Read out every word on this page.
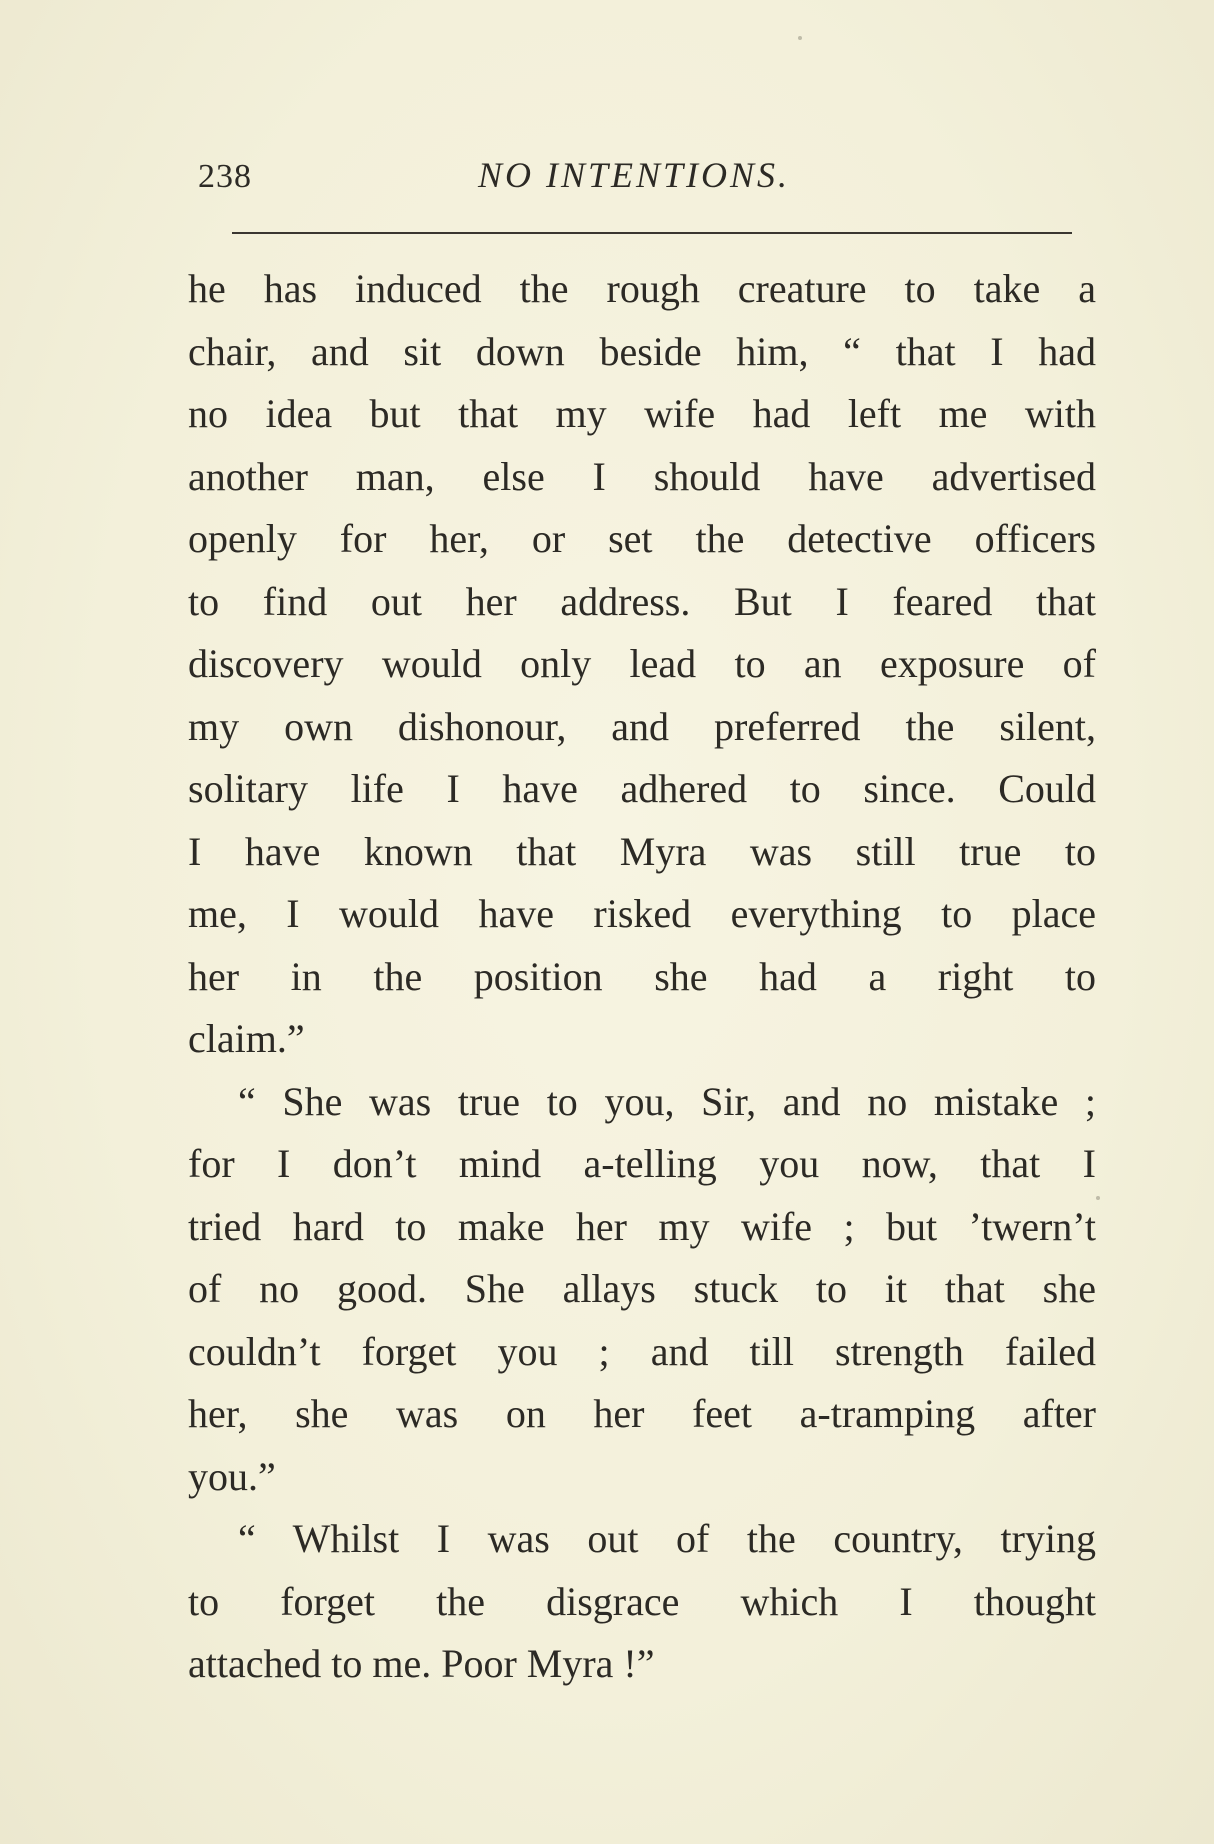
238	NO INTENTIONS.
he has induced the rough creature to take a
chair, and sit down beside him, “ that I had
no idea but that my wife had left me with
another man, else I should have advertised
openly for her, or set the detective officers
to find out her address. But I feared that
discovery would only lead to an exposure of
my own dishonour, and preferred the silent,
solitary life I have adhered to since. Could
I have known that Myra was still true to
me, I would have risked everything to place
her in the position she had a right to
claim.”
“ She was true to you, Sir, and no mistake ;
for I don’t mind a-telling you now, that I
tried hard to make her my wife ; but ’twern’t
of no good. She allays stuck to it that she
couldn’t forget you ; and till strength failed
her, she was on her feet a-tramping after
you.”
“ Whilst I was out of the country, trying
to forget the disgrace which I thought
attached to me. Poor Myra !”
